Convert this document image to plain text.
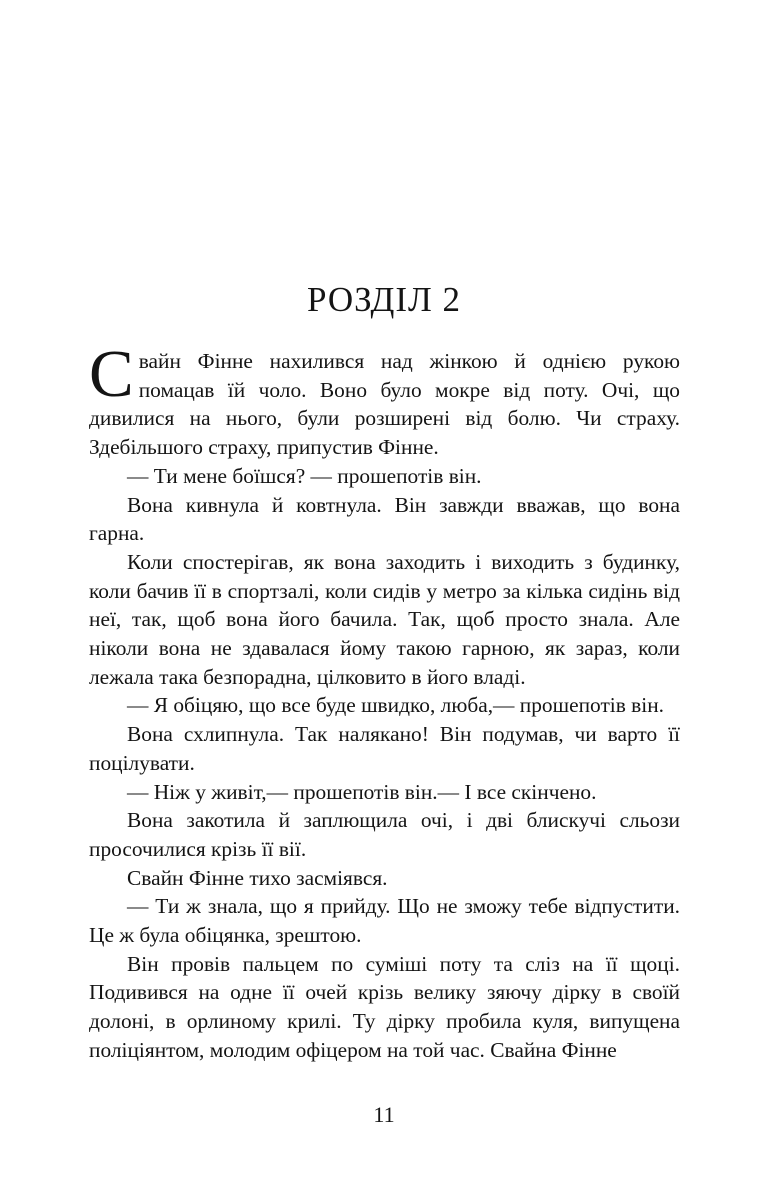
РОЗДІЛ 2

Свайн Фінне нахилився над жінкою й однією рукою помацав їй чоло. Воно було мокре від поту. Очі, що дивилися на нього, були розширені від болю. Чи страху. Здебільшого страху, припустив Фінне.

— Ти мене боїшся? — прошепотів він.

Вона кивнула й ковтнула. Він завжди вважав, що вона гарна.

Коли спостерігав, як вона заходить і виходить з будинку, коли бачив її в спортзалі, коли сидів у метро за кілька сидінь від неї, так, щоб вона його бачила. Так, щоб просто знала. Але ніколи вона не здавалася йому такою гарною, як зараз, коли лежала така безпорадна, цілковито в його владі.

— Я обіцяю, що все буде швидко, люба,— прошепотів він.

Вона схлипнула. Так налякано! Він подумав, чи варто її поцілувати.

— Ніж у живіт,— прошепотів він.— І все скінчено.

Вона закотила й заплющила очі, і дві блискучі сльози просочилися крізь її вії.

Свайн Фінне тихо засміявся.

— Ти ж знала, що я прийду. Що не зможу тебе відпустити. Це ж була обіцянка, зрештою.

Він провів пальцем по суміші поту та сліз на її щоці. Подивився на одне її очей крізь велику зяючу дірку в своїй долоні, в орлиному крилі. Ту дірку пробила куля, випущена поліціянтом, молодим офіцером на той час. Свайна Фінне

11
